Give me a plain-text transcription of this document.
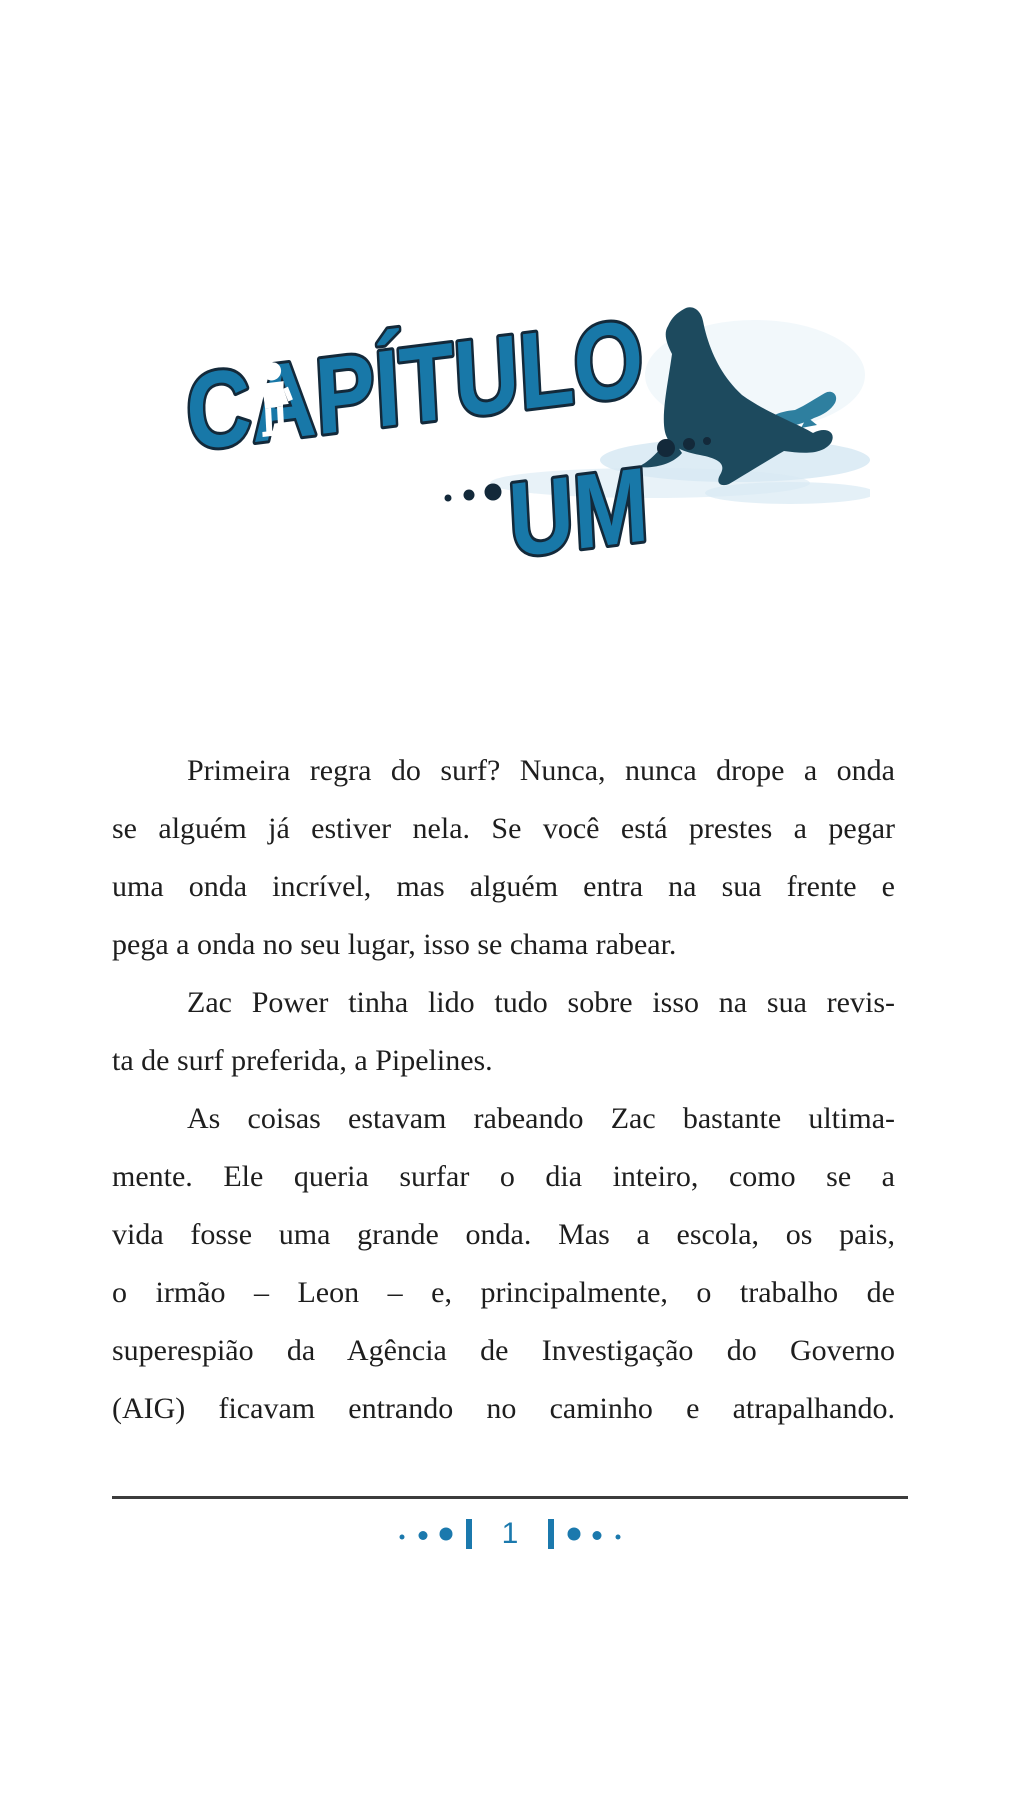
CAPÍTULO
UM
Primeira regra do surf? Nunca, nunca drope a onda
se alguém já estiver nela. Se você está prestes a pegar
uma onda incrível, mas alguém entra na sua frente e
pega a onda no seu lugar, isso se chama rabear.
Zac Power tinha lido tudo sobre isso na sua revis-
ta de surf preferida, a Pipelines.
As coisas estavam rabeando Zac bastante ultima-
mente. Ele queria surfar o dia inteiro, como se a
vida fosse uma grande onda. Mas a escola, os pais,
o irmão – Leon – e, principalmente, o trabalho de
superespião da Agência de Investigação do Governo
(AIG) ficavam entrando no caminho e atrapalhando.
1
